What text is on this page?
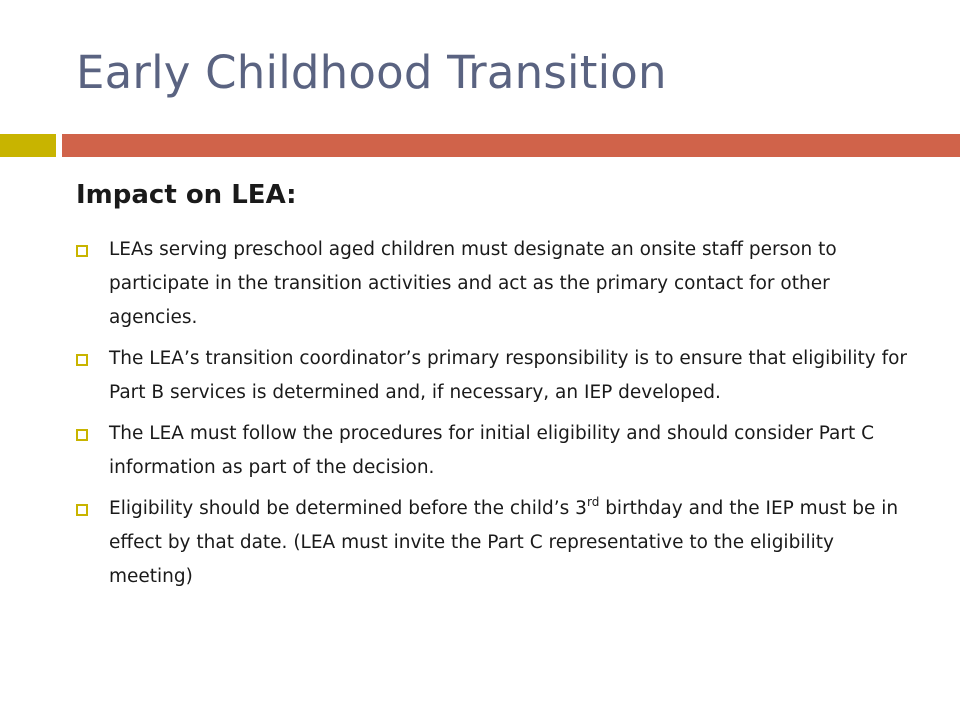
Early Childhood Transition
Impact on LEA:
LEAs serving preschool aged children must designate an onsite staff person to participate in the transition activities and act as the primary contact for other agencies.
The LEA’s transition coordinator’s primary responsibility is to ensure that eligibility for Part B services is determined and, if necessary, an IEP developed.
The LEA must follow the procedures for initial eligibility and should consider Part C information as part of the decision.
Eligibility should be determined before the child’s 3rd birthday and the IEP must be in effect by that date. (LEA must invite the Part C representative to the eligibility meeting)
